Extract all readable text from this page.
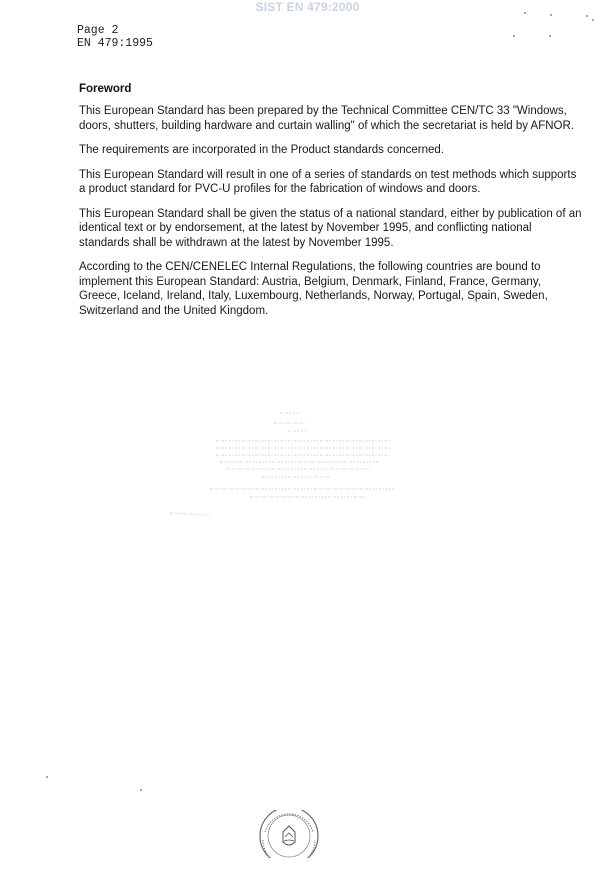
SIST EN 479:2000
Page 2
EN 479:1995
Foreword

This European Standard has been prepared by the Technical Committee CEN/TC 33 "Windows, doors, shutters, building hardware and curtain walling" of which the secretariat is held by AFNOR.

The requirements are incorporated in the Product standards concerned.

This European Standard will result in one of a series of standards on test methods which supports a product standard for PVC-U profiles for the fabrication of windows and doors.

This European Standard shall be given the status of a national standard, either by publication of an identical text or by endorsement, at the latest by November 1995, and conflicting national standards shall be withdrawn at the latest by November 1995.

According to the CEN/CENELEC Internal Regulations, the following countries are bound to implement this European Standard: Austria, Belgium, Denmark, Finland, France, Germany, Greece, Iceland, Ireland, Italy, Luxembourg, Netherlands, Norway, Portugal, Spain, Sweden, Switzerland and the United Kingdom.
